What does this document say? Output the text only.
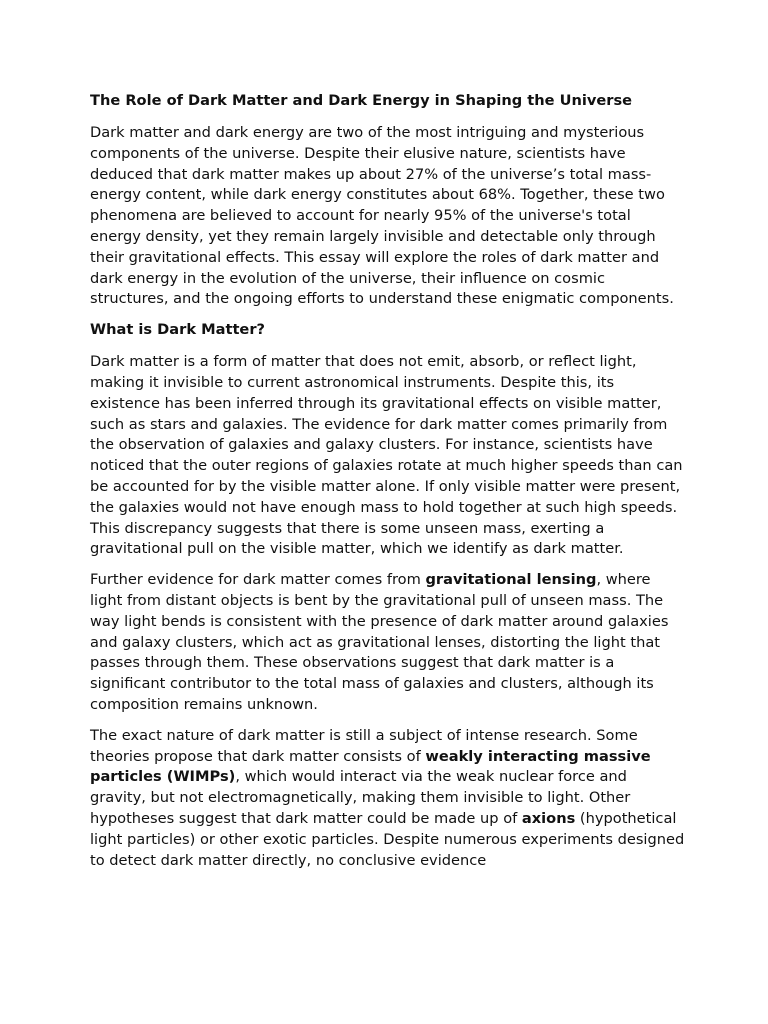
The Role of Dark Matter and Dark Energy in Shaping the Universe

Dark matter and dark energy are two of the most intriguing and mysterious components of the universe. Despite their elusive nature, scientists have deduced that dark matter makes up about 27% of the universe’s total mass-energy content, while dark energy constitutes about 68%. Together, these two phenomena are believed to account for nearly 95% of the universe's total energy density, yet they remain largely invisible and detectable only through their gravitational effects. This essay will explore the roles of dark matter and dark energy in the evolution of the universe, their influence on cosmic structures, and the ongoing efforts to understand these enigmatic components.

What is Dark Matter?

Dark matter is a form of matter that does not emit, absorb, or reflect light, making it invisible to current astronomical instruments. Despite this, its existence has been inferred through its gravitational effects on visible matter, such as stars and galaxies. The evidence for dark matter comes primarily from the observation of galaxies and galaxy clusters. For instance, scientists have noticed that the outer regions of galaxies rotate at much higher speeds than can be accounted for by the visible matter alone. If only visible matter were present, the galaxies would not have enough mass to hold together at such high speeds. This discrepancy suggests that there is some unseen mass, exerting a gravitational pull on the visible matter, which we identify as dark matter.

Further evidence for dark matter comes from gravitational lensing, where light from distant objects is bent by the gravitational pull of unseen mass. The way light bends is consistent with the presence of dark matter around galaxies and galaxy clusters, which act as gravitational lenses, distorting the light that passes through them. These observations suggest that dark matter is a significant contributor to the total mass of galaxies and clusters, although its composition remains unknown.

The exact nature of dark matter is still a subject of intense research. Some theories propose that dark matter consists of weakly interacting massive particles (WIMPs), which would interact via the weak nuclear force and gravity, but not electromagnetically, making them invisible to light. Other hypotheses suggest that dark matter could be made up of axions (hypothetical light particles) or other exotic particles. Despite numerous experiments designed to detect dark matter directly, no conclusive evidence
